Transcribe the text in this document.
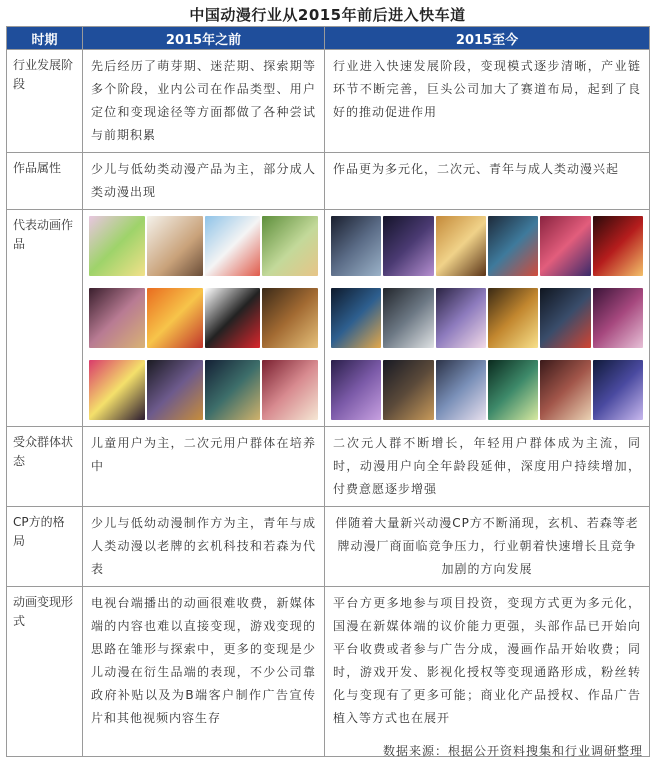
中国动漫行业从2015年前后进入快车道
时期	2015年之前	2015至今
行业发展阶段	先后经历了萌芽期、迷茫期、探索期等多个阶段，业内公司在作品类型、用户定位和变现途径等方面都做了各种尝试与前期积累	行业进入快速发展阶段，变现模式逐步清晰，产业链环节不断完善，巨头公司加大了赛道布局，起到了良好的推动促进作用
作品属性	少儿与低幼类动漫产品为主，部分成人类动漫出现	作品更为多元化，二次元、青年与成人类动漫兴起
代表动画作品	

受众群体状态	儿童用户为主，二次元用户群体在培养中	二次元人群不断增长，年轻用户群体成为主流，同时，动漫用户向全年龄段延伸，深度用户持续增加，付费意愿逐步增强
CP方的格局	少儿与低幼动漫制作方为主，青年与成人类动漫以老牌的玄机科技和若森为代表	伴随着大量新兴动漫CP方不断涌现，玄机、若森等老牌动漫厂商面临竞争压力，行业朝着快速增长且竞争加剧的方向发展
动画变现形式	电视台端播出的动画很难收费，新媒体端的内容也难以直接变现，游戏变现的思路在雏形与探索中，更多的变现是少儿动漫在衍生品端的表现，不少公司靠政府补贴以及为B端客户制作广告宣传片和其他视频内容生存	平台方更多地参与项目投资，变现方式更为多元化，国漫在新媒体端的议价能力更强，头部作品已开始向平台收费或者参与广告分成，漫画作品开始收费；同时，游戏开发、影视化授权等变现通路形成，粉丝转化与变现有了更多可能；商业化产品授权、作品广告植入等方式也在展开
数据来源：根据公开资料搜集和行业调研整理
